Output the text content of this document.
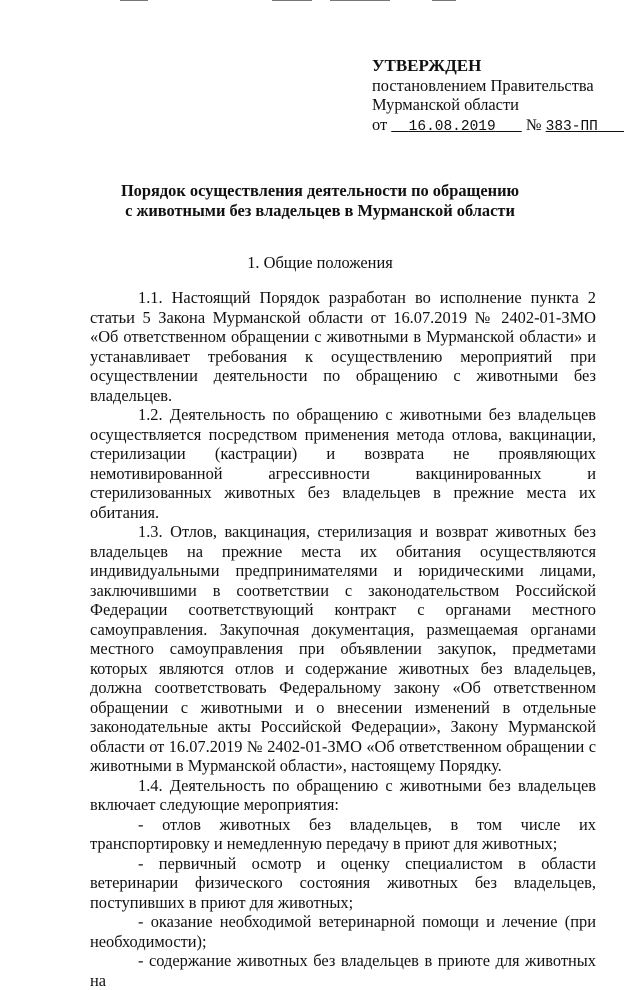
УТВЕРЖДЕН
постановлением Правительства
Мурманской области
от 16.08.2019 № 383-ПП
Порядок осуществления деятельности по обращению
с животными без владельцев в Мурманской области
1. Общие положения

1.1. Настоящий Порядок разработан во исполнение пункта 2 статьи 5 Закона Мурманской области от 16.07.2019 № 2402-01-ЗМО «Об ответственном обращении с животными в Мурманской области» и устанавливает требования к осуществлению мероприятий при осуществлении деятельности по обращению с животными без владельцев.

1.2. Деятельность по обращению с животными без владельцев осуществляется посредством применения метода отлова, вакцинации, стерилизации (кастрации) и возврата не проявляющих немотивированной агрессивности вакцинированных и стерилизованных животных без владельцев в прежние места их обитания.

1.3. Отлов, вакцинация, стерилизация и возврат животных без владельцев на прежние места их обитания осуществляются индивидуальными предпринимателями и юридическими лицами, заключившими в соответствии с законодательством Российской Федерации соответствующий контракт с органами местного самоуправления. Закупочная документация, размещаемая органами местного самоуправления при объявлении закупок, предметами которых являются отлов и содержание животных без владельцев, должна соответствовать Федеральному закону «Об ответственном обращении с животными и о внесении изменений в отдельные законодательные акты Российской Федерации», Закону Мурманской области от 16.07.2019 № 2402-01-ЗМО «Об ответственном обращении с животными в Мурманской области», настоящему Порядку.

1.4. Деятельность по обращению с животными без владельцев включает следующие мероприятия:

- отлов животных без владельцев, в том числе их транспортировку и немедленную передачу в приют для животных;

- первичный осмотр и оценку специалистом в области ветеринарии физического состояния животных без владельцев, поступивших в приют для животных;

- оказание необходимой ветеринарной помощи и лечение (при необходимости);

- содержание животных без владельцев в приюте для животных на
